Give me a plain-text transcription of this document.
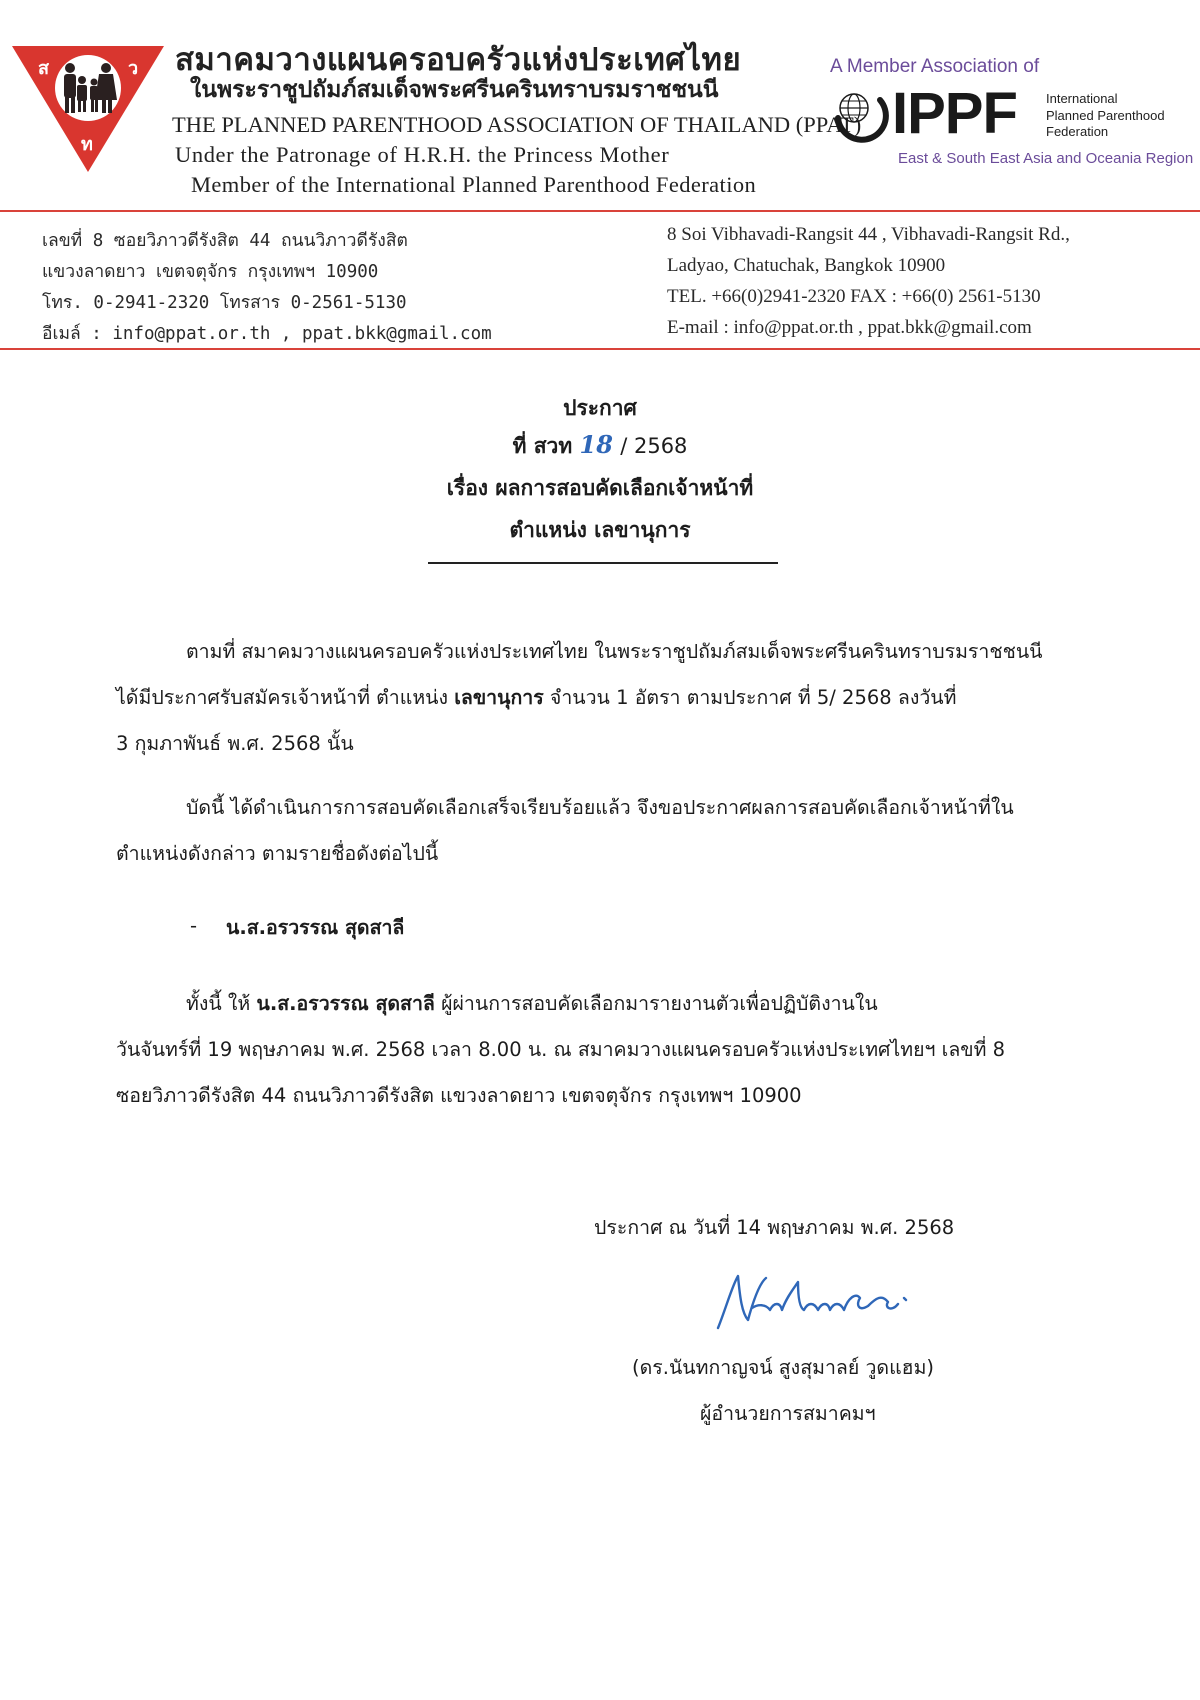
ส	ว
ท
สมาคมวางแผนครอบครัวแห่งประเทศไทย
ในพระราชูปถัมภ์สมเด็จพระศรีนครินทราบรมราชชนนี
THE PLANNED PARENTHOOD ASSOCIATION OF THAILAND (PPAT)
Under the Patronage of H.R.H. the Princess Mother
Member of the International Planned Parenthood Federation
A Member Association of
IPPF International
Planned Parenthood
Federation
East & South East Asia and Oceania Region
เลขที่ 8 ซอยวิภาวดีรังสิต 44 ถนนวิภาวดีรังสิต
แขวงลาดยาว เขตจตุจักร กรุงเทพฯ 10900
โทร. 0-2941-2320 โทรสาร 0-2561-5130
อีเมล์ : info@ppat.or.th , ppat.bkk@gmail.com
8 Soi Vibhavadi-Rangsit 44 , Vibhavadi-Rangsit Rd.,
Ladyao, Chatuchak, Bangkok 10900
TEL. +66(0)2941-2320 FAX : +66(0) 2561-5130
E-mail : info@ppat.or.th , ppat.bkk@gmail.com
ประกาศ
ที่ สวท 18 / 2568
เรื่อง ผลการสอบคัดเลือกเจ้าหน้าที่
ตำแหน่ง เลขานุการ
ตามที่ สมาคมวางแผนครอบครัวแห่งประเทศไทย ในพระราชูปถัมภ์สมเด็จพระศรีนครินทราบรมราชชนนี
ได้มีประกาศรับสมัครเจ้าหน้าที่ ตำแหน่ง เลขานุการ จำนวน 1 อัตรา ตามประกาศ ที่ 5/ 2568 ลงวันที่
3 กุมภาพันธ์ พ.ศ. 2568 นั้น
บัดนี้ ได้ดำเนินการการสอบคัดเลือกเสร็จเรียบร้อยแล้ว จึงขอประกาศผลการสอบคัดเลือกเจ้าหน้าที่ใน
ตำแหน่งดังกล่าว ตามรายชื่อดังต่อไปนี้
- น.ส.อรวรรณ สุดสาลี
ทั้งนี้ ให้ น.ส.อรวรรณ สุดสาลี ผู้ผ่านการสอบคัดเลือกมารายงานตัวเพื่อปฏิบัติงานใน
วันจันทร์ที่ 19 พฤษภาคม พ.ศ. 2568 เวลา 8.00 น. ณ สมาคมวางแผนครอบครัวแห่งประเทศไทยฯ เลขที่ 8
ซอยวิภาวดีรังสิต 44 ถนนวิภาวดีรังสิต แขวงลาดยาว เขตจตุจักร กรุงเทพฯ 10900
ประกาศ ณ วันที่ 14 พฤษภาคม พ.ศ. 2568
(ดร.นันทกาญจน์ สูงสุมาลย์ วูดแฮม)
ผู้อำนวยการสมาคมฯ
